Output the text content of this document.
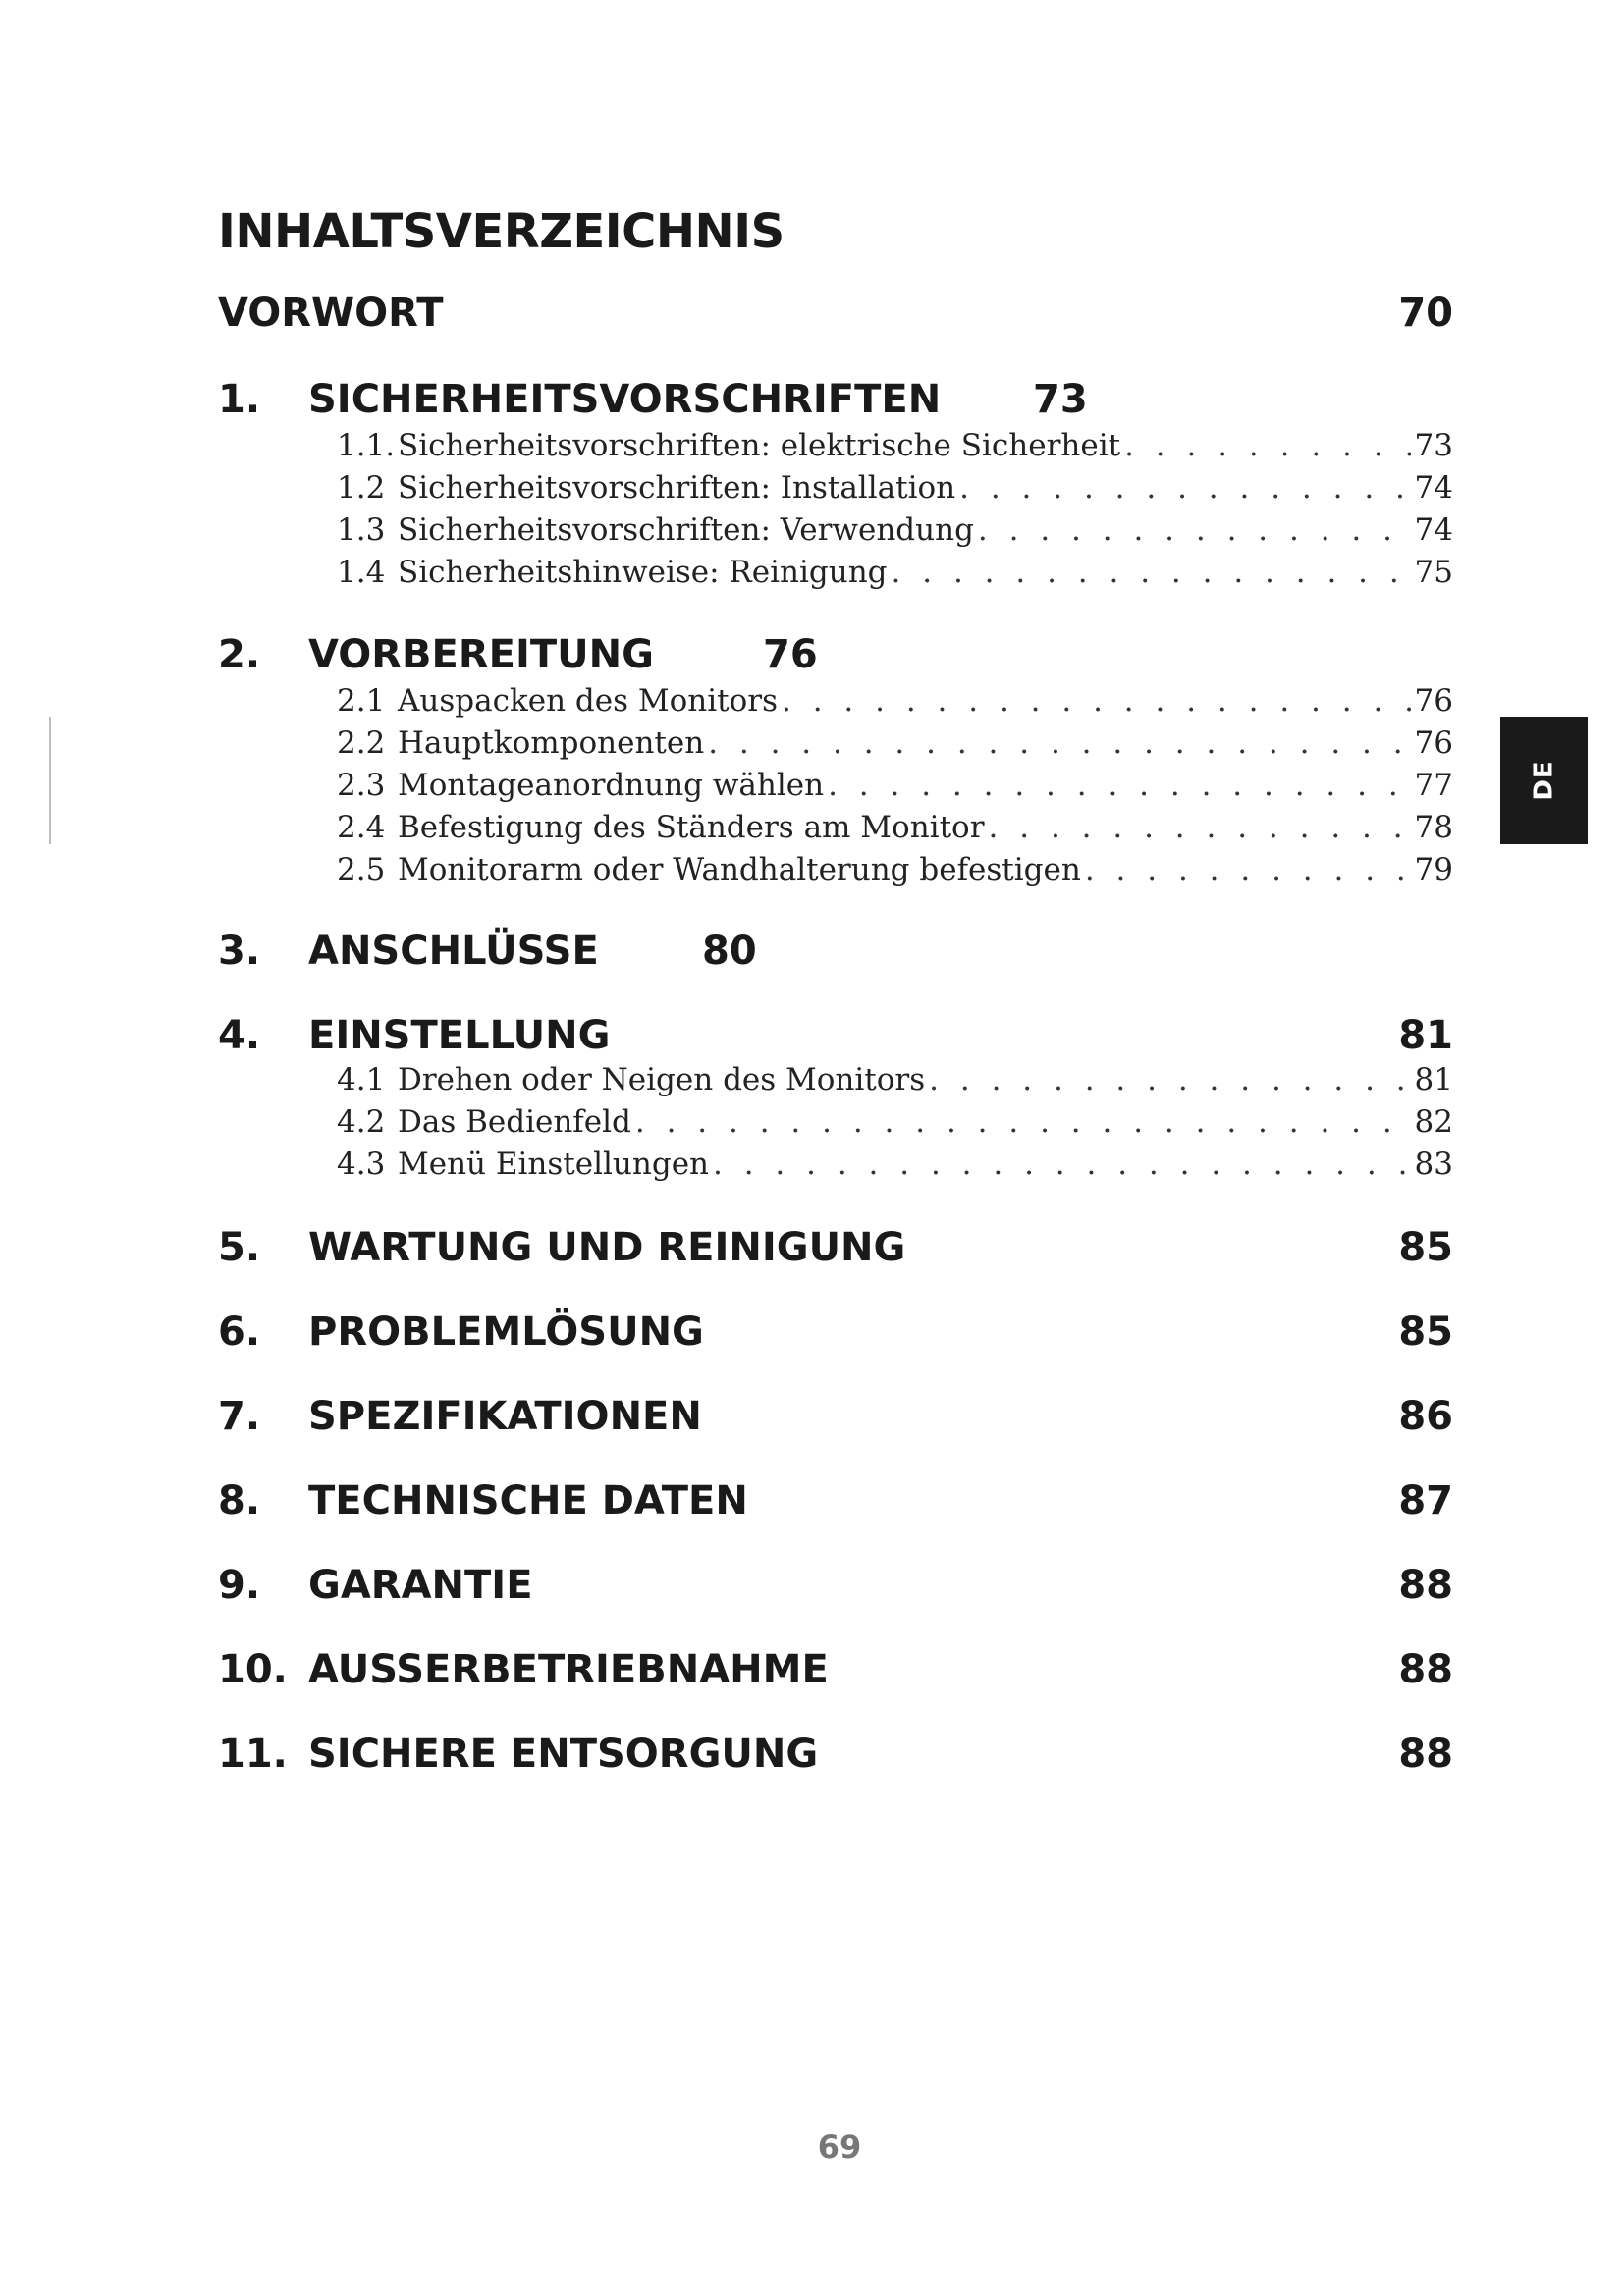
INHALTSVERZEICHNIS
VORWORT	70
1. SICHERHEITSVORSCHRIFTEN 73
1.1. Sicherheitsvorschriften: elektrische Sicherheit . . .	73
1.2 Sicherheitsvorschriften: Installation . . .	74
1.3 Sicherheitsvorschriften: Verwendung . . .	74
1.4 Sicherheitshinweise: Reinigung . . .	75
2. VORBEREITUNG	76
2.1 Auspacken des Monitors . . .	76
2.2 Hauptkomponenten . . .	76
2.3 Montageanordnung wählen . . .	77
2.4 Befestigung des Ständers am Monitor . . .	78
2.5 Monitorarm oder Wandhalterung befestigen . . .	79
3. ANSCHLÜSSE	80
4. EINSTELLUNG	81
4.1 Drehen oder Neigen des Monitors . . .	81
4.2 Das Bedienfeld . . .	82
4.3 Menü Einstellungen . . .	83
5. WARTUNG UND REINIGUNG	85
6. PROBLEMLÖSUNG	85
7. SPEZIFIKATIONEN	86
8. TECHNISCHE DATEN	87
9. GARANTIE	88
10. AUSSERBETRIEBNAHME	88
11. SICHERE ENTSORGUNG	88
DE
69
